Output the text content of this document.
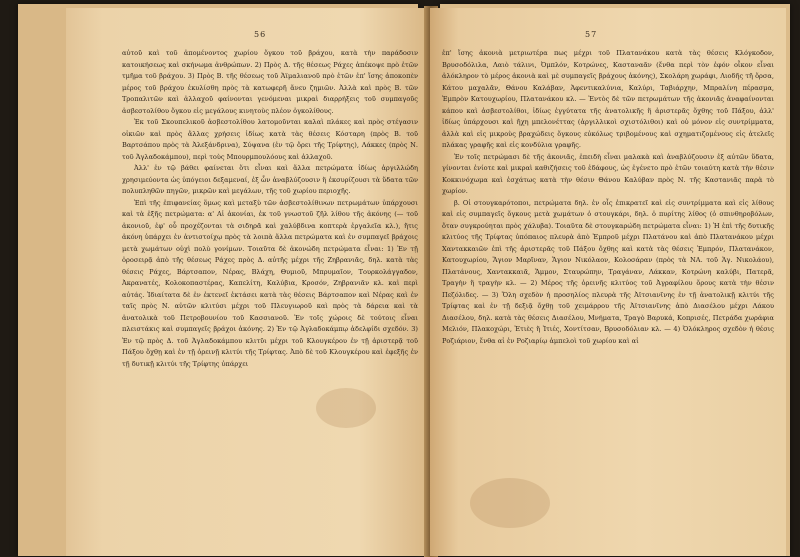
56

αὐτοῦ καὶ τοῦ ἀπομένοντος χωρίου ὄγκου τοῦ βράχου, κατὰ τὴν παράδοσιν κατοικήσεως καὶ σκήνωμα ἀνθρώπων. 2) Πρὸς Δ. τῆς θέσεως Ράχες ἀπέκοψε πρὸ ἐτῶν τμῆμα τοῦ βράχου. 3) Πρὸς Β. τῆς θέσεως τοῦ Ἀϊμαλιανοῦ πρὸ ἐτῶν ἐπ' ἴσης ἀποκοπὲν μέρος τοῦ βράχου ἐκυλίσθη πρὸς τὰ κατωφερῆ ἄνευ ζημιῶν. Ἀλλὰ καὶ πρὸς Β. τῶν Τροπαλιτῶν καὶ ἀλλαχοῦ φαίνονται γενόμεναι μικραὶ διαρρήξεις τοῦ συμπαγοῦς ἀσβεστολίθου ὄγκου εἰς μεγάλους κινητοὺς πλέον ὀγκολίθους.

Ἐκ τοῦ Σκουπελικοῦ ἀσβεστολίθου λατομοῦνται καλαὶ πλάκες καὶ πρὸς στέγασιν οἰκιῶν καὶ πρὸς ἄλλας χρήσεις ἰδίως κατὰ τὰς θέσεις Κόσταρη (πρὸς Β. τοῦ Βαρτσάπου πρὸς τὰ Ἀλεξάνδρινα), Σύψανα (ἐν τῷ ὄρει τῆς Τρίφτης), Λάκκες (πρὸς Ν. τοῦ Ἀγλαδοκάμπου), περὶ τοὺς Μπουρμπουλόους καὶ ἀλλαχοῦ.

Ἀλλ' ἐν τῷ βάθει φαίνεται ὅτι εἶναι καὶ ἄλλα πετρώματα ἰδίως ἀργιλλώδη χρησιμεύοντα ὡς ὑπόγειοι δεξαμεναί, ἐξ ὧν ἀναβλύζουσιν ἢ ἐκσυρίζουσι τὰ ὕδατα τῶν πολυπληθῶν πηγῶν, μικρῶν καὶ μεγάλων, τῆς τοῦ χωρίου περιοχῆς.

Ἐπὶ τῆς ἐπιφανείας ὅμως καὶ μεταξὺ τῶν ἀσβεστολίθινων πετρωμάτων ὑπάρχουσι καὶ τὰ ἑξῆς πετρώματα: α' Αἱ ἀκονίαι, ἐκ τοῦ γνωστοῦ ζῆλ λίθου τῆς ἀκόνης (— τοῦ ἀκονιοῦ, ἐφ' οὗ προχέζονται τὰ σιδηρᾶ καὶ χαλύβδινα κοπτερὰ ἐργαλεῖα κλ.), ἥτις ἀκόνη ὑπάρχει ἐν ἀντιστοίχῳ πρὸς τὰ λοιπὰ ἄλλα πετρώματα καὶ ἐν συμπαγεῖ βράχοις μετὰ χωμάτων οὐχὶ πολὺ γονίμων. Τοιαῦτα δὲ ἀκονώδη πετρώματα εἶναι: 1) Ἐν τῇ ὀροσειρᾷ ἀπὸ τῆς θέσεως Ράχες πρὸς Δ. αὐτῆς μέχρι τῆς Ζηβρανιᾶς, δηλ. κατὰ τὰς θέσεις Ράχες, Βάρτσαπον, Νέρας, Βλάχη, Θυμιοῦ, Μπρυμαῖον, Τουρκολάγγαδον, Ἀκρανατές, Κολοκοπαστέρας, Καπελίτη, Καλύβια, Κροσόν, Ζηβρανιᾶν κλ. καὶ περὶ αὐτάς. Ἰδιαίτατα δὲ ἐν ἐκτενεῖ ἐκτάσει κατὰ τὰς θέσεις Βάρτσαπον καὶ Νέρας καὶ ἐν ταῖς πρὸς Ν. αὐτῶν κλιτύσι μέχρι τοῦ Πλευγιωροῦ καὶ πρὸς τὰ δάρεια καὶ τὰ ἀνατολικὰ τοῦ Πετροβουνίου τοῦ Κασσιανοῦ. Ἐν τοῖς χώροις δὲ τούτοις εἶναι πλειστάκις καὶ συμπαγεῖς βράχοι ἀκόνης. 2) Ἐν τῷ Ἀγλαδοκάμπῳ ἀδελφίδι σχεδόν. 3) Ἐν τῷ πρὸς Δ. τοῦ Ἀγλαδοκάμπου κλιτῦι μέχρι τοῦ Κλουγκέρου ἐν τῇ ἀριστερᾷ τοῦ Πάξου ὄχθῃ καὶ ἐν τῇ ὀρεινῇ κλιτύι τῆς Τρίφτας. Ἀπὸ δὲ τοῦ Κλουγκέρου καὶ ἐφεξῆς ἐν τῇ δυτικῇ κλιτύι τῆς Τρίφτης ὑπάρχει

57

ἐπ' ἴσης ἀκονιὰ μετριωτέρα πως μέχρι τοῦ Πλατανάκου κατὰ τὰς θέσεις Κλόγκοδον, Βρυσοδόλιλα, Λαιὸ τάλινι, Ὀμπλόν, Κοτρώνες, Κασταναᾶν (ἔνθα περὶ τὸν ἐφόν οἶκον εἶναι ἀλόκληρον τὸ μέρος ἀκονιὰ καὶ μὲ συμπαγεῖς βράχους ἀκόνης), Σκολάρη χωράφι, Λιοδῆς τῆ ὄρσα, Κάτου μαχαλᾶν, Θάνου Καλάβαν, Ἀφεντικαλύνια, Καλύρι, Ταβιάρχην, Μπραλίνη πέρασμα, Ἐμπρὸν Κατουχωρίου, Πλατανάκου κλ. — Ἐντὸς δὲ τῶν πετρωμάτων τῆς ἀκονιᾶς ἀναφαίνονται κάπου καὶ ἀσβεστολίθοι, ἰδίως ἐγγύτατα τῆς ἀνατολικῆς ἢ ἀριστερᾶς ὄχθης τοῦ Πάξου, ἀλλ' ἰδίως ὑπάρχουσι καὶ ἤχη μπελονέττας (ἀργιλλικοὶ σχιστόλιθοι) καὶ οὐ μόνον εἰς συντρίμματα, ἀλλὰ καὶ εἰς μικροὺς βραχώδεις ὄγκους εὐκόλως τριβομένους καὶ σχηματιζομένους εἰς ἀτελεῖς πλάκας γραφῆς καὶ εἰς κονδύλια γραφῆς.

Ἐν τοῖς πετρώμασι δὲ τῆς ἀκονιᾶς, ἐπειδὴ εἶναι μαλακὰ καὶ ἀναβλύζουσιν ἐξ αὐτῶν ὕδατα, γίνονται ἐνίοτε καὶ μικραὶ καθιζήσεις τοῦ ἐδάφους, ὡς ἐγένετο πρὸ ἐτῶν τοιαύτη κατὰ τὴν θέσιν Κοκκινόχωμα καὶ ἐσχάτως κατὰ τὴν θέσιν Θάνου Καλύβαν πρὸς Ν. τῆς Καστανιᾶς παρὰ τὸ χωρίον.

β. Οἱ στουγκαρότοποι, πετρώματα δηλ. ἐν οἷς ἐπικρατεῖ καὶ εἰς συντρίμματα καὶ εἰς λίθους καὶ εἰς συμπαγεῖς ὄγκους μετὰ χωμάτων ὁ στουγκάρι, δηλ. ὁ πυρίτης λίθος (ὁ σπινθηροβόλων, ὅταν συγκρούηται πρὸς χάλυβα). Τοιαῦτα δὲ στουγκαρώδη πετρώματα εἶναι: 1) Ἡ ἐπὶ τῆς δυτικῆς κλιτύος τῆς Τρίφτας ὑπόπαιος πλευρὰ ἀπὸ Ἐμπροῦ μέχρι Πλατάνου καὶ ἀπὸ Πλατανάκου μέχρι Χαντακκαιῶν ἐπὶ τῆς ἀριστερᾶς τοῦ Πάξου ὄχθης καὶ κατὰ τὰς θέσεις Ἐμπρόν, Πλατανάκον, Κατουχωρίου, Ἅγιον Μαρῖναν, Ἅγιον Νικόλαον, Κολοσάραν (πρὸς τὰ ΝΑ. τοῦ Ἁγ. Νικολάου), Πλατάνους, Χαντακκαιᾶ, Ἅμμον, Σταυρώπην, Τραγάναν, Λάκκαν, Κοτρώνη καλύβι, Πατερᾶ, Τραγὴν ἢ τραγὴν κλ. — 2) Μέρος τῆς ὀρεινῆς κλιτύος τοῦ Ἀγραφίλου ὄρους κατὰ τὴν θέσιν Πεζόλιδες. — 3) Ὅλη σχεδὸν ἡ προσηλίος πλευρὰ τῆς Ἀϊτσιανῖνης ἐν τῇ ἀνατολικῇ κλιτύι τῆς Τρίφτας καὶ ἐν τῇ δεξιᾷ ὄχθῃ τοῦ χειμάρρου τῆς Ἀϊτσιανῖνης ἀπὸ Διασέλου μέχρι Λάκου Διασέλου, δηλ. κατὰ τὰς θέσεις Διασέλου, Μνήματα, Τραγὸ Βαρυκά, Κοπρισές, Πετράδα χωράφια Μελιόν, Πλακοχώρι, Ἐτιὲς ἢ Ἰτιές, Χοντίτσαν, Βρυσοδόλιαν κλ. — 4) Ὁλόκληρος σχεδὸν ἡ θέσις Ροζιάριον, ἔνθα αἱ ἐν Ροζιαρίῳ ἀμπελοὶ τοῦ χωρίου καὶ αἱ
